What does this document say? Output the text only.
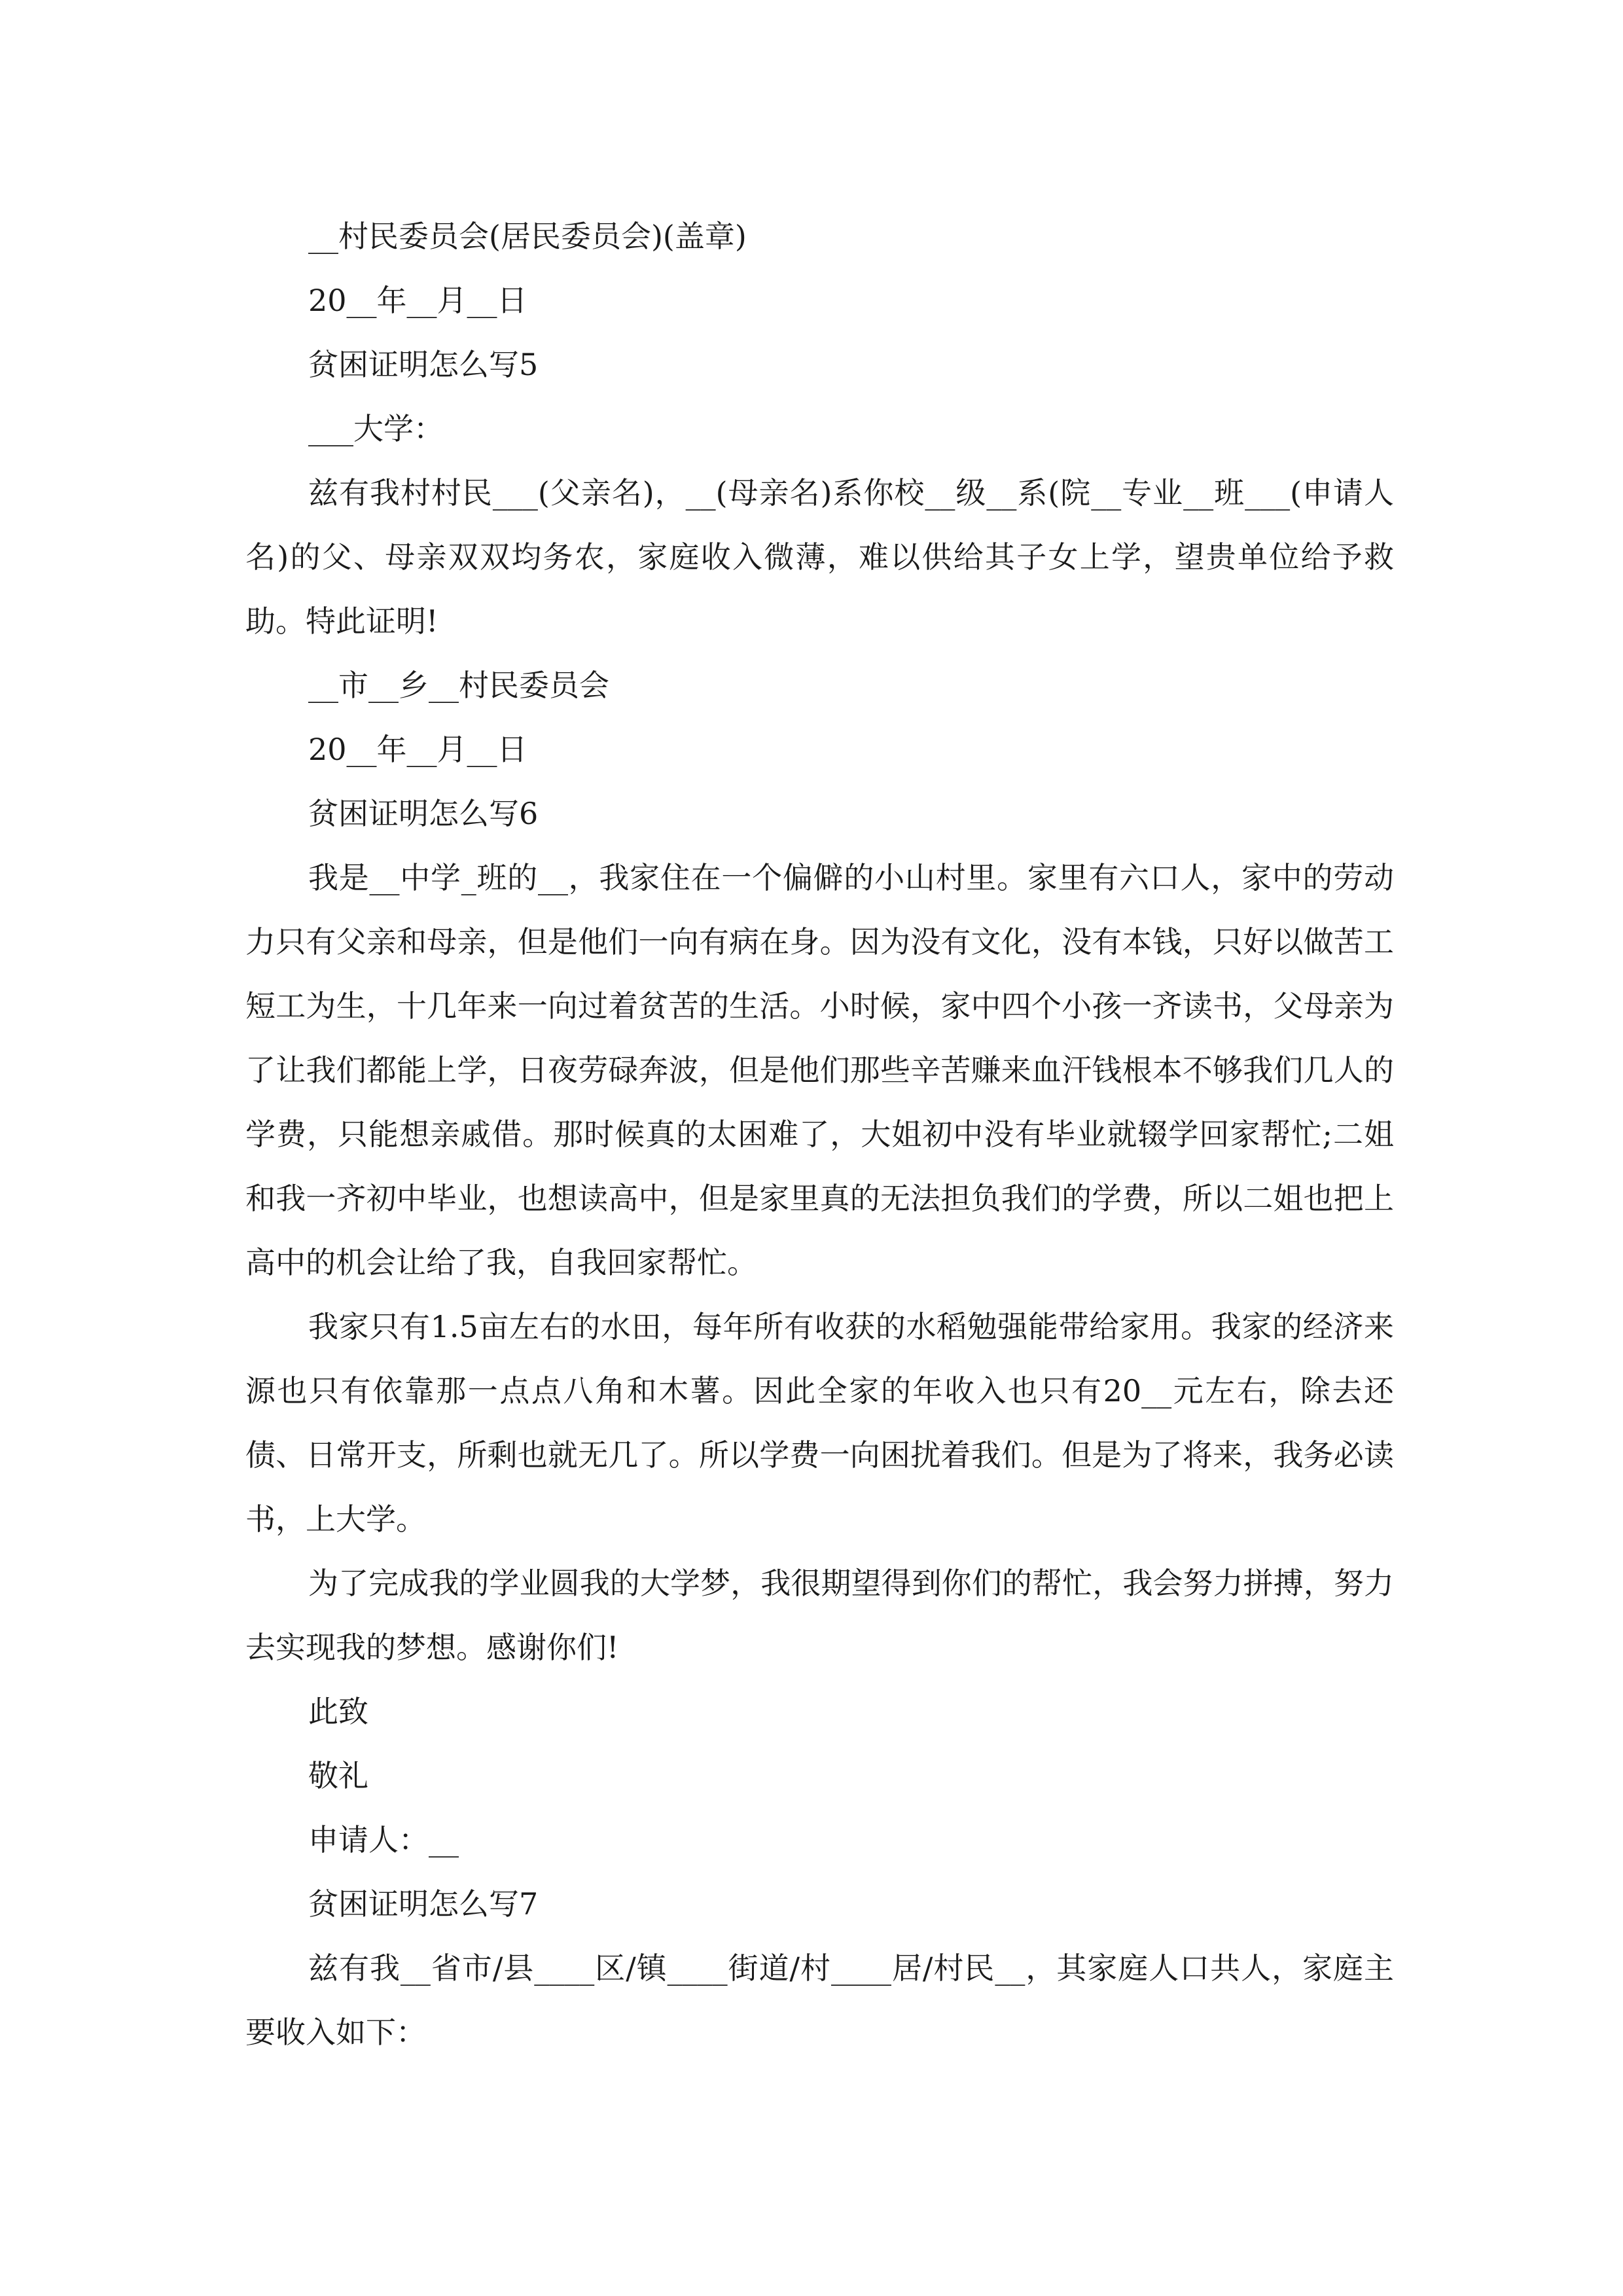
__村民委员会(居民委员会)(盖章)

20__年__月__日

贫困证明怎么写5

___大学：

兹有我村村民___(父亲名)，__(母亲名)系你校__级__系(院__专业__班___(申请人名)的父、母亲双双均务农，家庭收入微薄，难以供给其子女上学，望贵单位给予救助。特此证明!

__市__乡__村民委员会

20__年__月__日

贫困证明怎么写6

我是__中学_班的__，我家住在一个偏僻的小山村里。家里有六口人，家中的劳动力只有父亲和母亲，但是他们一向有病在身。因为没有文化，没有本钱，只好以做苦工短工为生，十几年来一向过着贫苦的生活。小时候，家中四个小孩一齐读书，父母亲为了让我们都能上学，日夜劳碌奔波，但是他们那些辛苦赚来血汗钱根本不够我们几人的学费，只能想亲戚借。那时候真的太困难了，大姐初中没有毕业就辍学回家帮忙;二姐和我一齐初中毕业，也想读高中，但是家里真的无法担负我们的学费，所以二姐也把上高中的机会让给了我，自我回家帮忙。

我家只有1.5亩左右的水田，每年所有收获的水稻勉强能带给家用。我家的经济来源也只有依靠那一点点八角和木薯。因此全家的年收入也只有20__元左右，除去还债、日常开支，所剩也就无几了。所以学费一向困扰着我们。但是为了将来，我务必读书，上大学。

为了完成我的学业圆我的大学梦，我很期望得到你们的帮忙，我会努力拼搏，努力去实现我的梦想。感谢你们!

此致

敬礼

申请人：__

贫困证明怎么写7

兹有我__省市/县____区/镇____街道/村____居/村民__，其家庭人口共人，家庭主要收入如下：
